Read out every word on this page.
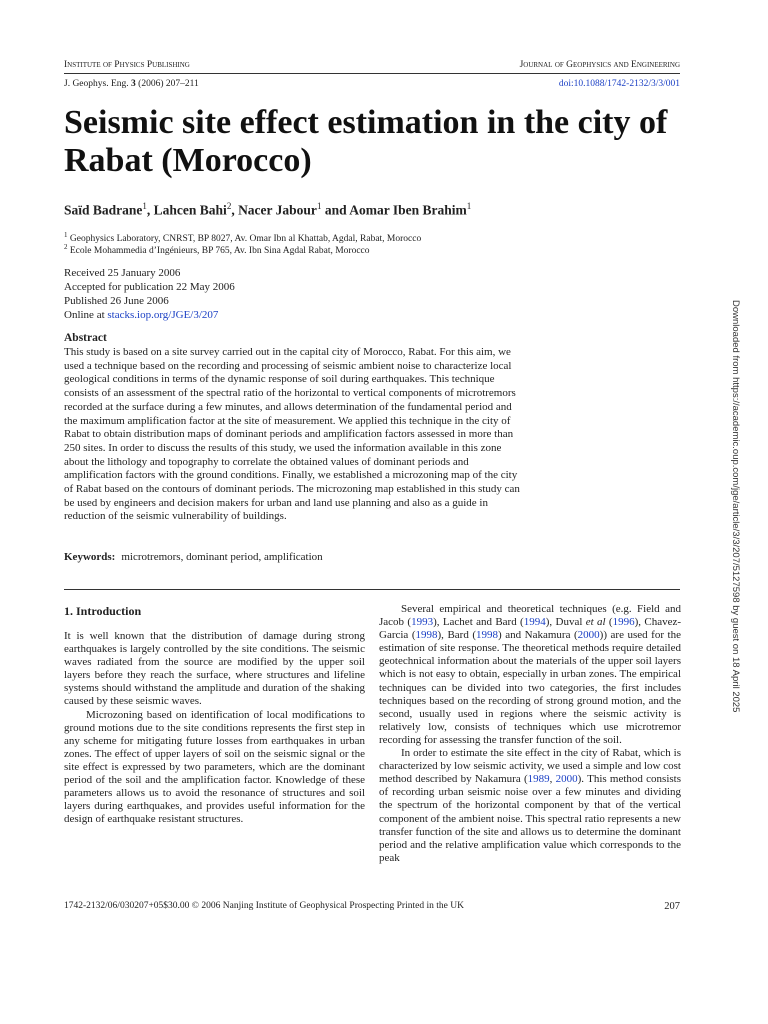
Institute of Physics Publishing	Journal of Geophysics and Engineering
J. Geophys. Eng. 3 (2006) 207–211	doi:10.1088/1742-2132/3/3/001
Seismic site effect estimation in the city of Rabat (Morocco)
Saïd Badrane$^1$, Lahcen Bahi$^2$, Nacer Jabour$^1$ and Aomar Iben Brahim$^1$
$^1$ Geophysics Laboratory, CNRST, BP 8027, Av. Omar Ibn al Khattab, Agdal, Rabat, Morocco
$^2$ Ecole Mohammedia d’Ingénieurs, BP 765, Av. Ibn Sina Agdal Rabat, Morocco
Received 25 January 2006
Accepted for publication 22 May 2006
Published 26 June 2006
Online at stacks.iop.org/JGE/3/207
Abstract
This study is based on a site survey carried out in the capital city of Morocco, Rabat. For this aim, we used a technique based on the recording and processing of seismic ambient noise to characterize local geological conditions in terms of the dynamic response of soil during earthquakes. This technique consists of an assessment of the spectral ratio of the horizontal to vertical components of microtremors recorded at the surface during a few minutes, and allows determination of the fundamental period and the maximum amplification factor at the site of measurement. We applied this technique in the city of Rabat to obtain distribution maps of dominant periods and amplification factors assessed in more than 250 sites. In order to discuss the results of this study, we used the information available in this zone about the lithology and topography to correlate the obtained values of dominant periods and amplification factors with the ground conditions. Finally, we established a microzoning map of the city of Rabat based on the contours of dominant periods. The microzoning map established in this study can be used by engineers and decision makers for urban and land use planning and also as a guide in reduction of the seismic vulnerability of buildings.
Keywords: microtremors, dominant period, amplification
1. Introduction

It is well known that the distribution of damage during strong earthquakes is largely controlled by the site conditions. The seismic waves radiated from the source are modified by the upper soil layers before they reach the surface, where structures and lifeline systems should withstand the amplitude and duration of the shaking caused by these seismic waves.

Microzoning based on identification of local modifications to ground motions due to the site conditions represents the first step in any scheme for mitigating future losses from earthquakes in urban zones. The effect of upper layers of soil on the seismic signal or the site effect is expressed by two parameters, which are the dominant period of the soil and the amplification factor. Knowledge of these parameters allows us to avoid the resonance of structures and soil layers during earthquakes, and provides useful information for the design of earthquake resistant structures.

Several empirical and theoretical techniques (e.g. Field and Jacob (1993), Lachet and Bard (1994), Duval et al (1996), Chavez-Garcia (1998), Bard (1998) and Nakamura (2000)) are used for the estimation of site response. The theoretical methods require detailed geotechnical information about the materials of the upper soil layers which is not easy to obtain, especially in urban zones. The empirical techniques can be divided into two categories, the first includes techniques based on the recording of strong ground motion, and the second, usually used in regions where the seismic activity is relatively low, consists of techniques which use microtremor recording for assessing the transfer function of the soil.

In order to estimate the site effect in the city of Rabat, which is characterized by low seismic activity, we used a simple and low cost method described by Nakamura (1989, 2000). This method consists of recording urban seismic noise over a few minutes and dividing the spectrum of the horizontal component by that of the vertical component of the ambient noise. This spectral ratio represents a new transfer function of the site and allows us to determine the dominant period and the relative amplification value which corresponds to the peak

1742-2132/06/030207+05$30.00 © 2006 Nanjing Institute of Geophysical Prospecting Printed in the UK	207
Downloaded from https://academic.oup.com/jge/article/3/3/207/5127598 by guest on 18 April 2025
